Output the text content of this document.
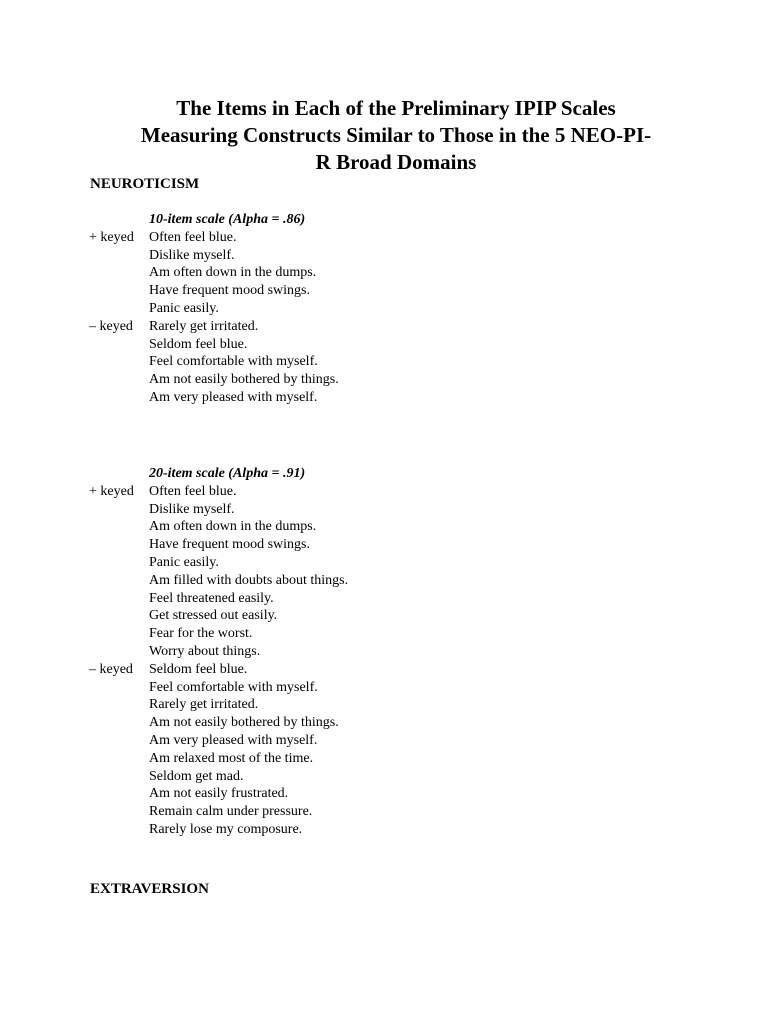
The Items in Each of the Preliminary IPIP Scales
Measuring Constructs Similar to Those in the 5 NEO-PI-
R Broad Domains
NEUROTICISM
10-item scale (Alpha = .86)
+ keyed Often feel blue.
Dislike myself.
Am often down in the dumps.
Have frequent mood swings.
Panic easily.
– keyed Rarely get irritated.
Seldom feel blue.
Feel comfortable with myself.
Am not easily bothered by things.
Am very pleased with myself.
20-item scale (Alpha = .91)
+ keyed Often feel blue.
Dislike myself.
Am often down in the dumps.
Have frequent mood swings.
Panic easily.
Am filled with doubts about things.
Feel threatened easily.
Get stressed out easily.
Fear for the worst.
Worry about things.
– keyed Seldom feel blue.
Feel comfortable with myself.
Rarely get irritated.
Am not easily bothered by things.
Am very pleased with myself.
Am relaxed most of the time.
Seldom get mad.
Am not easily frustrated.
Remain calm under pressure.
Rarely lose my composure.
EXTRAVERSION
